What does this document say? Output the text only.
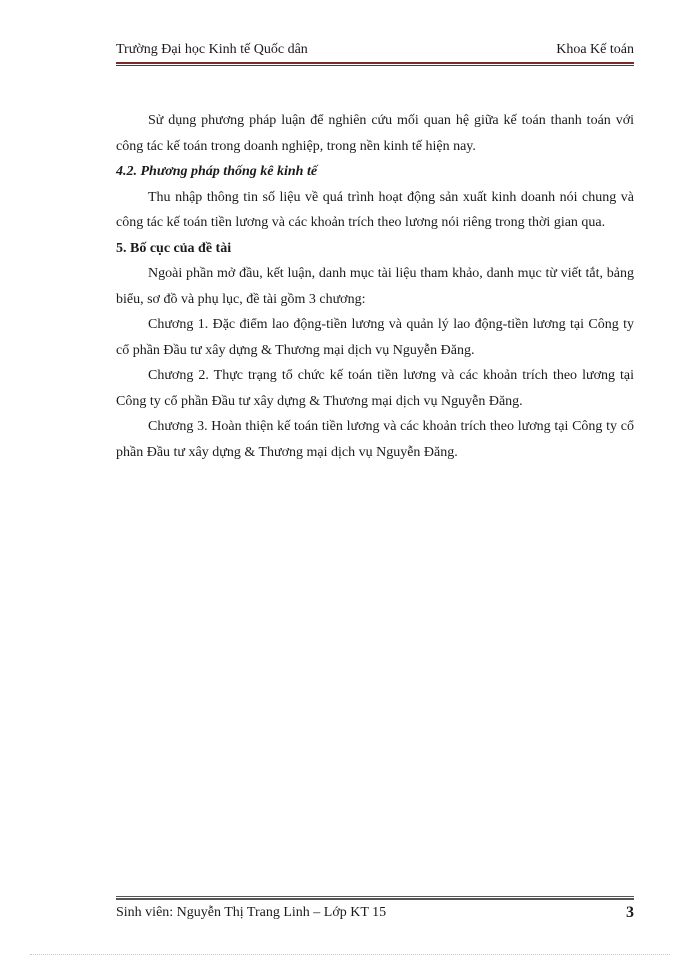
Trường Đại học Kinh tế Quốc dân	Khoa Kế toán

Sử dụng phương pháp luận để nghiên cứu mối quan hệ giữa kế toán thanh toán với công tác kế toán trong doanh nghiệp, trong nền kinh tế hiện nay.

4.2. Phương pháp thống kê kinh tế

Thu nhập thông tin số liệu về quá trình hoạt động sản xuất kinh doanh nói chung và công tác kế toán tiền lương và các khoản trích theo lương nói riêng trong thời gian qua.

5. Bố cục của đề tài

Ngoài phần mở đầu, kết luận, danh mục tài liệu tham khảo, danh mục từ viết tắt, bảng biểu, sơ đồ và phụ lục, đề tài gồm 3 chương:

Chương 1. Đặc điểm lao động-tiền lương và quản lý lao động-tiền lương tại Công ty cổ phần Đầu tư xây dựng & Thương mại dịch vụ Nguyễn Đăng.

Chương 2. Thực trạng tổ chức kế toán tiền lương và các khoản trích theo lương tại Công ty cổ phần Đầu tư xây dựng & Thương mại dịch vụ Nguyễn Đăng.

Chương 3. Hoàn thiện kế toán tiền lương và các khoản trích theo lương tại Công ty cổ phần Đầu tư xây dựng & Thương mại dịch vụ Nguyễn Đăng.

Sinh viên: Nguyễn Thị Trang Linh – Lớp KT 15	3
